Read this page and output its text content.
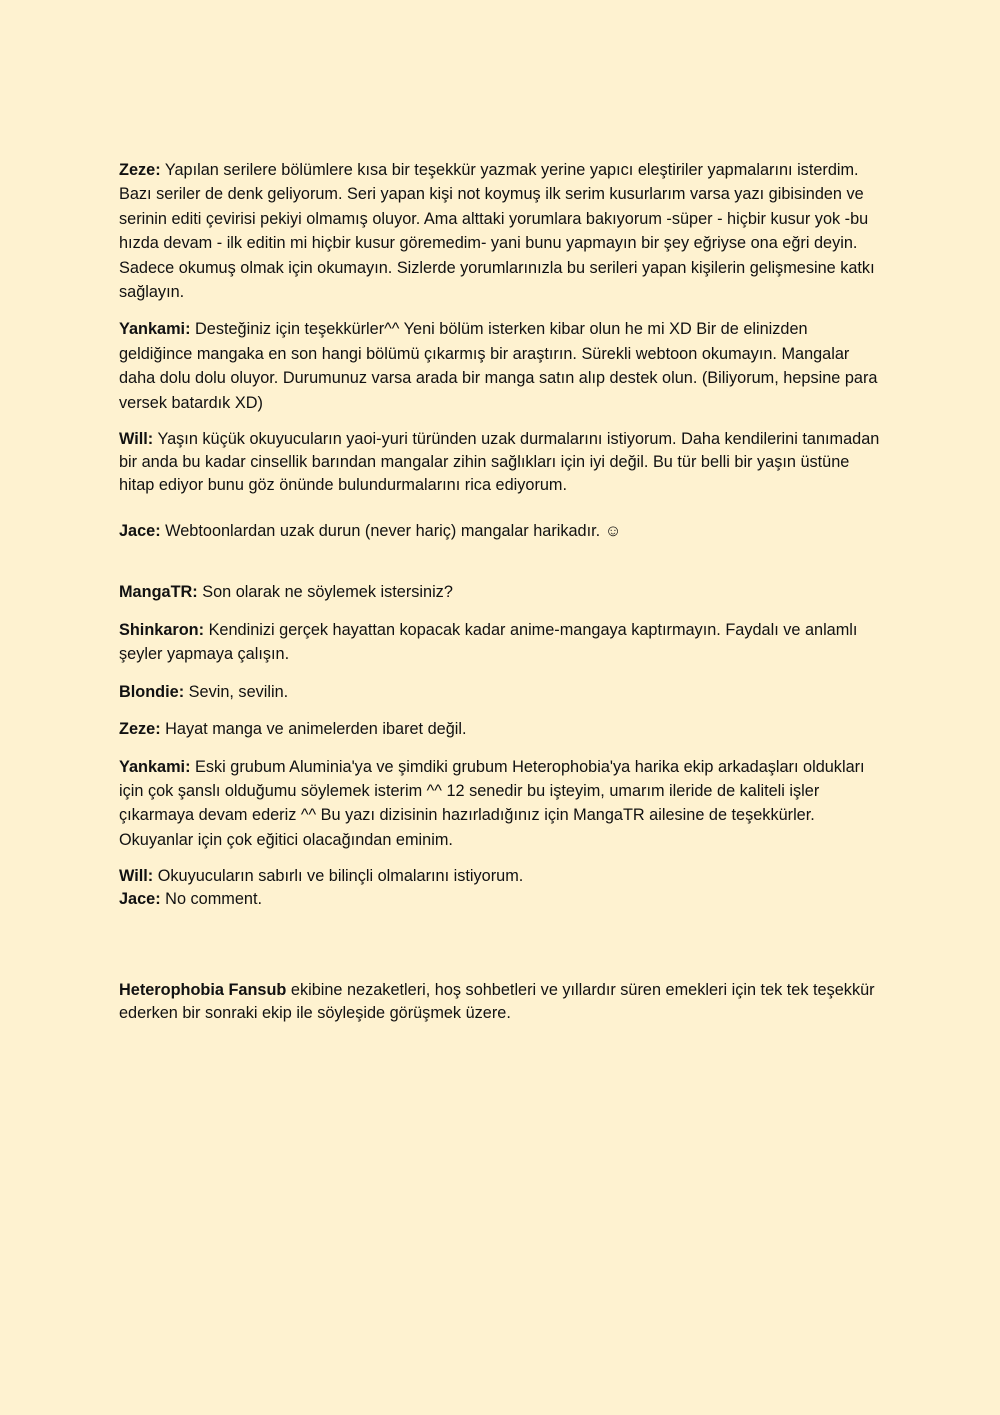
Zeze: Yapılan serilere bölümlere kısa bir teşekkür yazmak yerine yapıcı eleştiriler yapmalarını isterdim. Bazı seriler de denk geliyorum. Seri yapan kişi not koymuş ilk serim kusurlarım varsa yazı gibisinden ve serinin editi çevirisi pekiyi olmamış oluyor. Ama alttaki yorumlara bakıyorum -süper - hiçbir kusur yok -bu hızda devam - ilk editin mi hiçbir kusur göremedim- yani bunu yapmayın bir şey eğriyse ona eğri deyin. Sadece okumuş olmak için okumayın. Sizlerde yorumlarınızla bu serileri yapan kişilerin gelişmesine katkı sağlayın.

Yankami: Desteğiniz için teşekkürler^^ Yeni bölüm isterken kibar olun he mi XD Bir de elinizden geldiğince mangaka en son hangi bölümü çıkarmış bir araştırın. Sürekli webtoon okumayın. Mangalar daha dolu dolu oluyor. Durumunuz varsa arada bir manga satın alıp destek olun. (Biliyorum, hepsine para versek batardık XD)

Will: Yaşın küçük okuyucuların yaoi-yuri türünden uzak durmalarını istiyorum. Daha kendilerini tanımadan bir anda bu kadar cinsellik barından mangalar zihin sağlıkları için iyi değil. Bu tür belli bir yaşın üstüne hitap ediyor bunu göz önünde bulundurmalarını rica ediyorum.

Jace: Webtoonlardan uzak durun (never hariç) mangalar harikadır. ☺

MangaTR: Son olarak ne söylemek istersiniz?

Shinkaron: Kendinizi gerçek hayattan kopacak kadar anime-mangaya kaptırmayın. Faydalı ve anlamlı şeyler yapmaya çalışın.

Blondie: Sevin, sevilin.

Zeze: Hayat manga ve animelerden ibaret değil.

Yankami: Eski grubum Aluminia'ya ve şimdiki grubum Heterophobia'ya harika ekip arkadaşları oldukları için çok şanslı olduğumu söylemek isterim ^^ 12 senedir bu işteyim, umarım ileride de kaliteli işler çıkarmaya devam ederiz ^^ Bu yazı dizisinin hazırladığınız için MangaTR ailesine de teşekkürler. Okuyanlar için çok eğitici olacağından eminim.

Will: Okuyucuların sabırlı ve bilinçli olmalarını istiyorum.

Jace: No comment.

Heterophobia Fansub ekibine nezaketleri, hoş sohbetleri ve yıllardır süren emekleri için tek tek teşekkür ederken bir sonraki ekip ile söyleşide görüşmek üzere.
